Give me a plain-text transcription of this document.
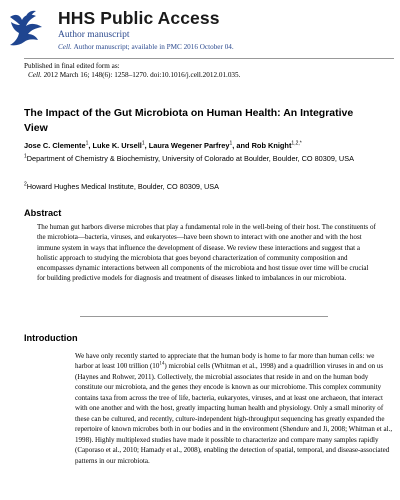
HHS Public Access
Author manuscript
Cell. Author manuscript; available in PMC 2016 October 04.
Published in final edited form as:
Cell. 2012 March 16; 148(6): 1258–1270. doi:10.1016/j.cell.2012.01.035.
The Impact of the Gut Microbiota on Human Health: An Integrative View
Jose C. Clemente$^1$, Luke K. Ursell$^1$, Laura Wegener Parfrey$^1$, and Rob Knight$^{1,2,*}$
$^1$Department of Chemistry & Biochemistry, University of Colorado at Boulder, Boulder, CO 80309, USA
$^2$Howard Hughes Medical Institute, Boulder, CO 80309, USA
Abstract

The human gut harbors diverse microbes that play a fundamental role in the well-being of their host. The constituents of the microbiota—bacteria, viruses, and eukaryotes—have been shown to interact with one another and with the host immune system in ways that influence the development of disease. We review these interactions and suggest that a holistic approach to studying the microbiota that goes beyond characterization of community composition and encompasses dynamic interactions between all components of the microbiota and host tissue over time will be crucial for building predictive models for diagnosis and treatment of diseases linked to imbalances in our microbiota.

Introduction

We have only recently started to appreciate that the human body is home to far more than human cells: we harbor at least 100 trillion $(10^{14})$ microbial cells (Whitman et al., 1998) and a quadrillion viruses in and on us (Haynes and Rohwer, 2011). Collectively, the microbial associates that reside in and on the human body constitute our microbiota, and the genes they encode is known as our microbiome. This complex community contains taxa from across the tree of life, bacteria, eukaryotes, viruses, and at least one archaeon, that interact with one another and with the host, greatly impacting human health and physiology. Only a small minority of these can be cultured, and recently, culture-independent high-throughput sequencing has greatly expanded the repertoire of known microbes both in our bodies and in the environment (Shendure and Ji, 2008; Whitman et al., 1998). Highly multiplexed studies have made it possible to characterize and compare many samples rapidly (Caporaso et al., 2010; Hamady et al., 2008), enabling the detection of spatial, temporal, and disease-associated patterns in our microbiota.
